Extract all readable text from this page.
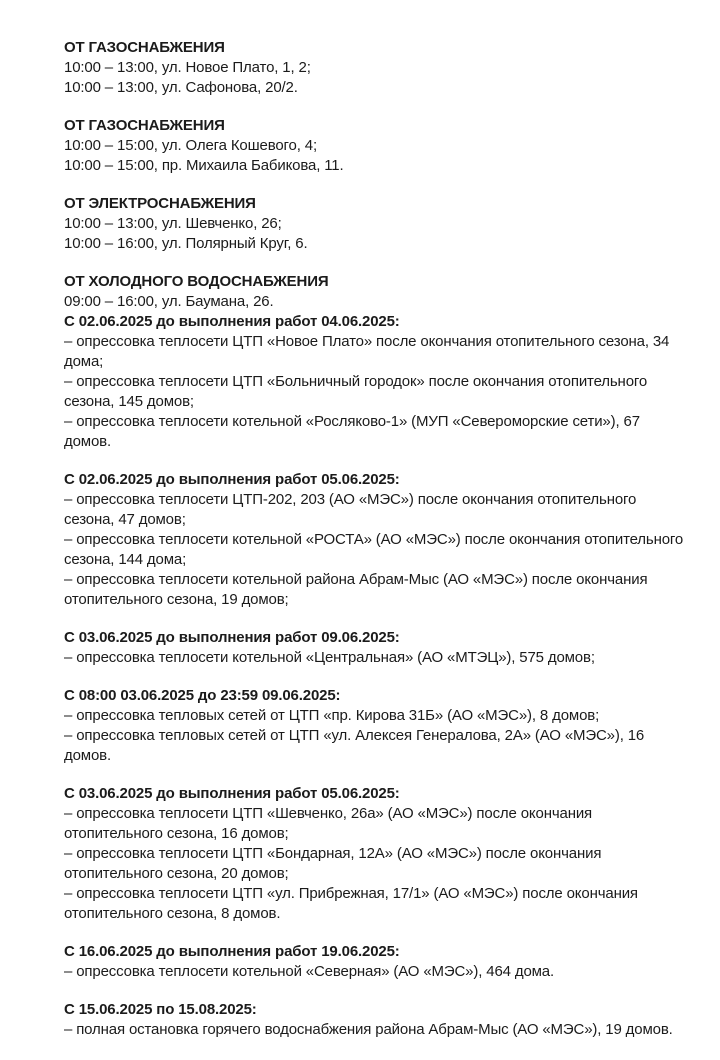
ОТ ГАЗОСНАБЖЕНИЯ

10:00 – 13:00, ул. Новое Плато, 1, 2;

10:00 – 13:00, ул. Сафонова, 20/2.

ОТ ГАЗОСНАБЖЕНИЯ

10:00 – 15:00, ул. Олега Кошевого, 4;

10:00 – 15:00, пр. Михаила Бабикова, 11.

ОТ ЭЛЕКТРОСНАБЖЕНИЯ

10:00 – 13:00, ул. Шевченко, 26;

10:00 – 16:00, ул. Полярный Круг, 6.

ОТ ХОЛОДНОГО ВОДОСНАБЖЕНИЯ

09:00 – 16:00, ул. Баумана, 26.

С 02.06.2025 до выполнения работ 04.06.2025:

– опрессовка теплосети ЦТП «Новое Плато» после окончания отопительного сезона, 34 дома;

– опрессовка теплосети ЦТП «Больничный городок» после окончания отопительного сезона, 145 домов;

– опрессовка теплосети котельной «Росляково-1» (МУП «Североморские сети»), 67 домов.

С 02.06.2025 до выполнения работ 05.06.2025:

– опрессовка теплосети ЦТП-202, 203 (АО «МЭС») после окончания отопительного сезона, 47 домов;

– опрессовка теплосети котельной «РОСТА» (АО «МЭС») после окончания отопительного сезона, 144 дома;

– опрессовка теплосети котельной района Абрам-Мыс (АО «МЭС») после окончания отопительного сезона, 19 домов;

С 03.06.2025 до выполнения работ 09.06.2025:

– опрессовка теплосети котельной «Центральная» (АО «МТЭЦ»), 575 домов;

С 08:00 03.06.2025 до 23:59 09.06.2025:

– опрессовка тепловых сетей от ЦТП «пр. Кирова 31Б» (АО «МЭС»), 8 домов;

– опрессовка тепловых сетей от ЦТП «ул. Алексея Генералова, 2А» (АО «МЭС»), 16 домов.

С 03.06.2025 до выполнения работ 05.06.2025:

– опрессовка теплосети ЦТП «Шевченко, 26а» (АО «МЭС») после окончания отопительного сезона, 16 домов;

– опрессовка теплосети ЦТП «Бондарная, 12А» (АО «МЭС») после окончания отопительного сезона, 20 домов;

– опрессовка теплосети ЦТП «ул. Прибрежная, 17/1» (АО «МЭС») после окончания отопительного сезона, 8 домов.

С 16.06.2025 до выполнения работ 19.06.2025:

– опрессовка теплосети котельной «Северная» (АО «МЭС»), 464 дома.

С 15.06.2025 по 15.08.2025:

– полная остановка горячего водоснабжения района Абрам-Мыс (АО «МЭС»), 19 домов.
